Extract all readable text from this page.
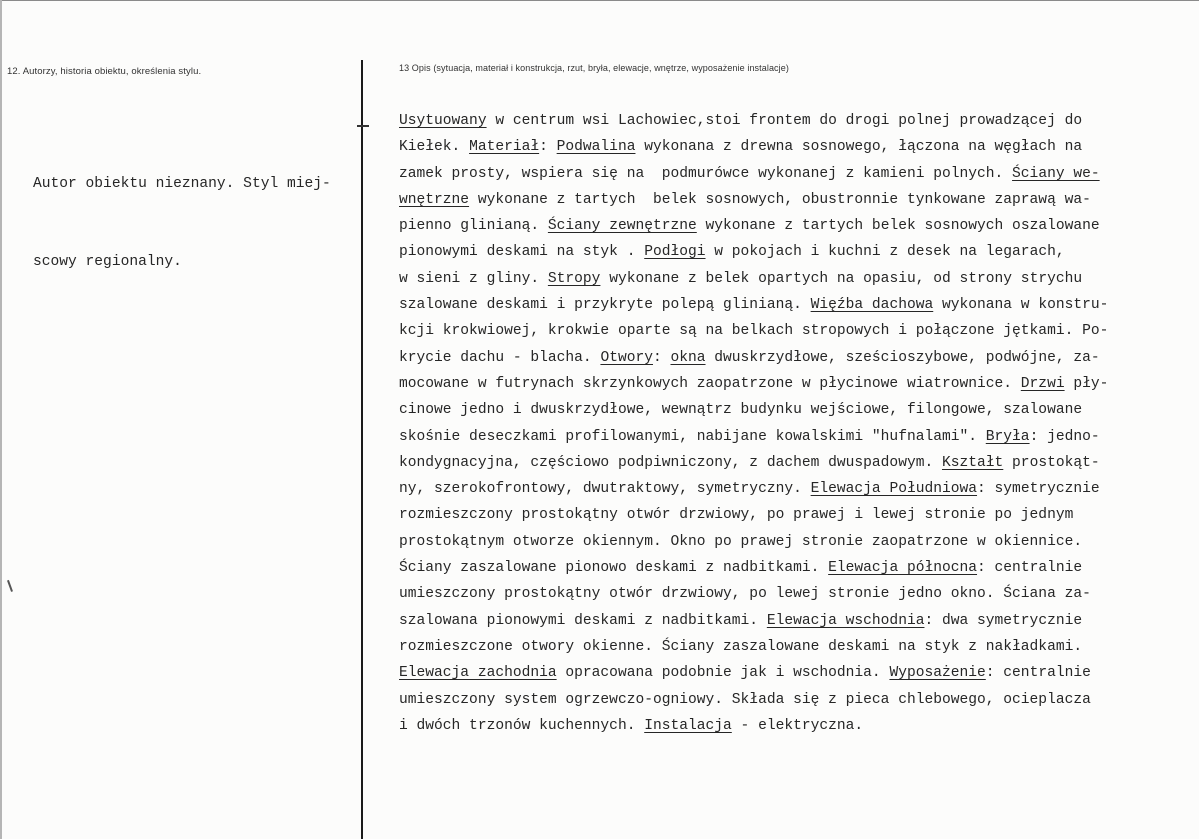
12. Autorzy, historia obiektu, określenia stylu.	13 Opis (sytuacja, materiał i konstrukcja, rzut, bryła, elewacje, wnętrze, wyposażenie instalacje)

Autor obiektu nieznany. Styl miej-

scowy regionalny.

Usytuowany w centrum wsi Lachowiec,stoi frontem do drogi polnej prowadzącej do
Kiełek. Materiał: Podwalina wykonana z drewna sosnowego, łączona na węgłach na
zamek prosty, wspiera się na  podmurówce wykonanej z kamieni polnych. Ściany we-
wnętrzne wykonane z tartych  belek sosnowych, obustronnie tynkowane zaprawą wa-
pienno glinianą. Ściany zewnętrzne wykonane z tartych belek sosnowych oszalowane
pionowymi deskami na styk . Podłogi w pokojach i kuchni z desek na legarach,
w sieni z gliny. Stropy wykonane z belek opartych na opasiu, od strony strychu
szalowane deskami i przykryte polepą glinianą. Więźba dachowa wykonana w konstru-
kcji krokwiowej, krokwie oparte są na belkach stropowych i połączone jętkami. Po-
krycie dachu - blacha. Otwory: okna dwuskrzydłowe, sześcioszybowe, podwójne, za-
mocowane w futrynach skrzynkowych zaopatrzone w płycinowe wiatrownice. Drzwi pły-
cinowe jedno i dwuskrzydłowe, wewnątrz budynku wejściowe, filongowe, szalowane
skośnie deseczkami profilowanymi, nabijane kowalskimi "hufnalami". Bryła: jedno-
kondygnacyjna, częściowo podpiwniczony, z dachem dwuspadowym. Kształt prostokąt-
ny, szerokofrontowy, dwutraktowy, symetryczny. Elewacja Południowa: symetrycznie
rozmieszczony prostokątny otwór drzwiowy, po prawej i lewej stronie po jednym
prostokątnym otworze okiennym. Okno po prawej stronie zaopatrzone w okiennice.
Ściany zaszalowane pionowo deskami z nadbitkami. Elewacja północna: centralnie
umieszczony prostokątny otwór drzwiowy, po lewej stronie jedno okno. Ściana za-
szalowana pionowymi deskami z nadbitkami. Elewacja wschodnia: dwa symetrycznie
rozmieszczone otwory okienne. Ściany zaszalowane deskami na styk z nakładkami.
Elewacja zachodnia opracowana podobnie jak i wschodnia. Wyposażenie: centralnie
umieszczony system ogrzewczo-ogniowy. Składa się z pieca chlebowego, ocieplacza
i dwóch trzonów kuchennych. Instalacja - elektryczna.
